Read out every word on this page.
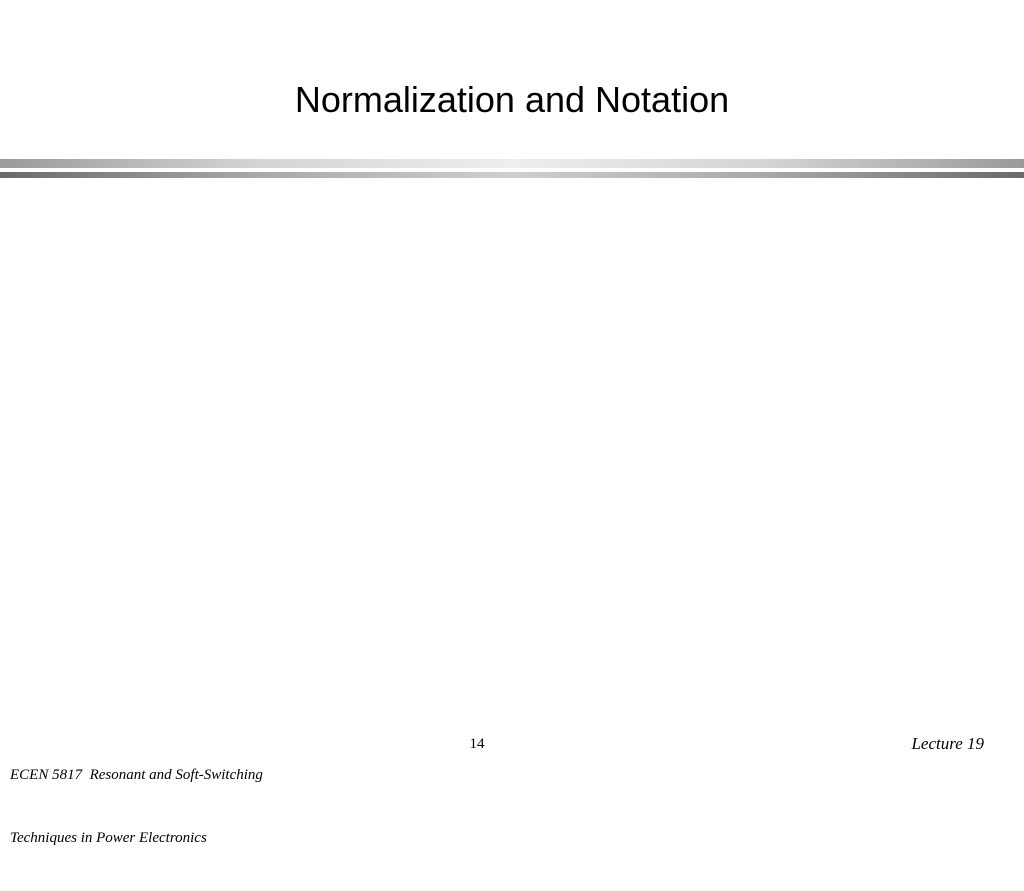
Normalization and Notation

ECEN 5817  Resonant and Soft-Switching

Techniques in Power Electronics

14	Lecture 19
